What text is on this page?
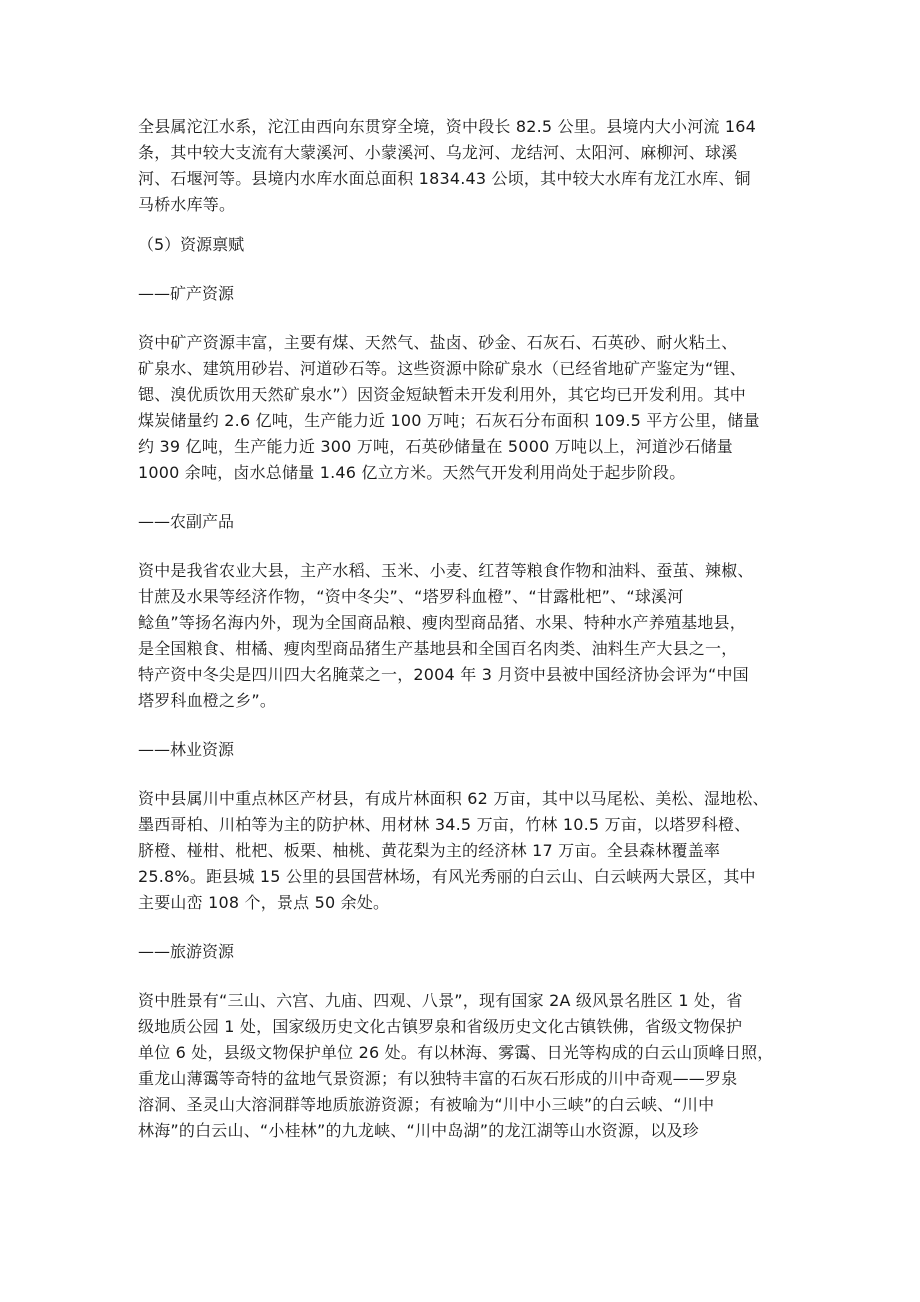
全县属沱江水系，沱江由西向东贯穿全境，资中段长 82.5 公里。县境内大小河流 164
条，其中较大支流有大蒙溪河、小蒙溪河、乌龙河、龙结河、太阳河、麻柳河、球溪
河、石堰河等。县境内水库水面总面积 1834.43 公顷，其中较大水库有龙江水库、铜
马桥水库等。

（5）资源禀赋

——矿产资源

资中矿产资源丰富，主要有煤、天然气、盐卤、砂金、石灰石、石英砂、耐火粘土、
矿泉水、建筑用砂岩、河道砂石等。这些资源中除矿泉水（已经省地矿产鉴定为“锂、
锶、溴优质饮用天然矿泉水”）因资金短缺暂未开发利用外，其它均已开发利用。其中
煤炭储量约 2.6 亿吨，生产能力近 100 万吨；石灰石分布面积 109.5 平方公里，储量
约 39 亿吨，生产能力近 300 万吨，石英砂储量在 5000 万吨以上，河道沙石储量
1000 余吨，卤水总储量 1.46 亿立方米。天然气开发利用尚处于起步阶段。

——农副产品

资中是我省农业大县，主产水稻、玉米、小麦、红苕等粮食作物和油料、蚕茧、辣椒、
甘蔗及水果等经济作物，“资中冬尖”、“塔罗科血橙”、“甘露枇杷”、“球溪河
鲶鱼”等扬名海内外，现为全国商品粮、瘦肉型商品猪、水果、特种水产养殖基地县，
是全国粮食、柑橘、瘦肉型商品猪生产基地县和全国百名肉类、油料生产大县之一，
特产资中冬尖是四川四大名腌菜之一，2004 年 3 月资中县被中国经济协会评为“中国
塔罗科血橙之乡”。

——林业资源

资中县属川中重点林区产材县，有成片林面积 62 万亩，其中以马尾松、美松、湿地松、
墨西哥柏、川柏等为主的防护林、用材林 34.5 万亩，竹林 10.5 万亩，以塔罗科橙、
脐橙、椪柑、枇杷、板栗、柚桃、黄花梨为主的经济林 17 万亩。全县森林覆盖率
25.8%。距县城 15 公里的县国营林场，有风光秀丽的白云山、白云峡两大景区，其中
主要山峦 108 个，景点 50 余处。

——旅游资源

资中胜景有“三山、六宫、九庙、四观、八景”，现有国家 2A 级风景名胜区 1 处，省
级地质公园 1 处，国家级历史文化古镇罗泉和省级历史文化古镇铁佛，省级文物保护
单位 6 处，县级文物保护单位 26 处。有以林海、雾霭、日光等构成的白云山顶峰日照，
重龙山薄霭等奇特的盆地气景资源；有以独特丰富的石灰石形成的川中奇观——罗泉
溶洞、圣灵山大溶洞群等地质旅游资源；有被喻为“川中小三峡”的白云峡、“川中
林海”的白云山、“小桂林”的九龙峡、“川中岛湖”的龙江湖等山水资源，以及珍
